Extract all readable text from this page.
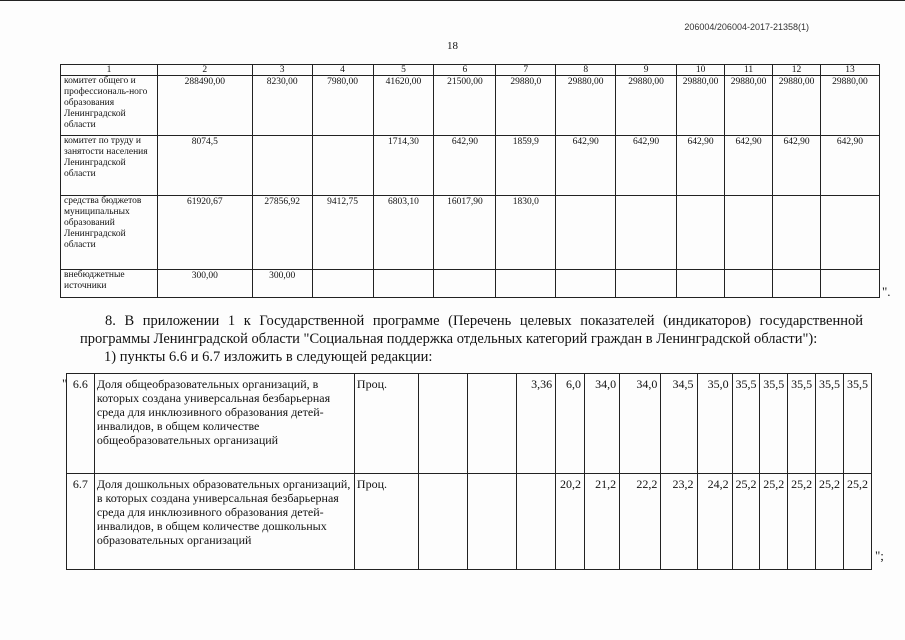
206004/206004-2017-21358(1)
18
1	2	3	4	5	6	7	8	9	10	11	12	13
комитет общего и профессиональ-ного образования Ленинградской области	288490,00	8230,00	7980,00	41620,00	21500,00	29880,0	29880,00	29880,00	29880,00	29880,00	29880,00	29880,00
комитет по труду и занятости населения Ленинградской области	8074,5			1714,30	642,90	1859,9	642,90	642,90	642,90	642,90	642,90	642,90
средства бюджетов муниципальных образований Ленинградской области	61920,67	27856,92	9412,75	6803,10	16017,90	1830,0						
внебюджетные источники	300,00	300,00										
".
8. В приложении 1 к Государственной программе (Перечень целевых показателей (индикаторов) государственной программы Ленинградской области "Социальная поддержка отдельных категорий граждан в Ленинградской области"):
1) пункты 6.6 и 6.7 изложить в следующей редакции:
" 6.6	Доля общеобразовательных организаций, в которых создана универсальная безбарьерная среда для инклюзивного образования детей-инвалидов, в общем количестве общеобразовательных организаций	Проц.			3,36	6,0	34,0	34,0	34,5	35,0	35,5	35,5	35,5	35,5	35,5
6.7	Доля дошкольных образовательных организаций, в которых создана универсальная безбарьерная среда для инклюзивного образования детей-инвалидов, в общем количестве дошкольных образовательных организаций	Проц.				20,2	21,2	22,2	23,2	24,2	25,2	25,2	25,2	25,2	25,2
";
